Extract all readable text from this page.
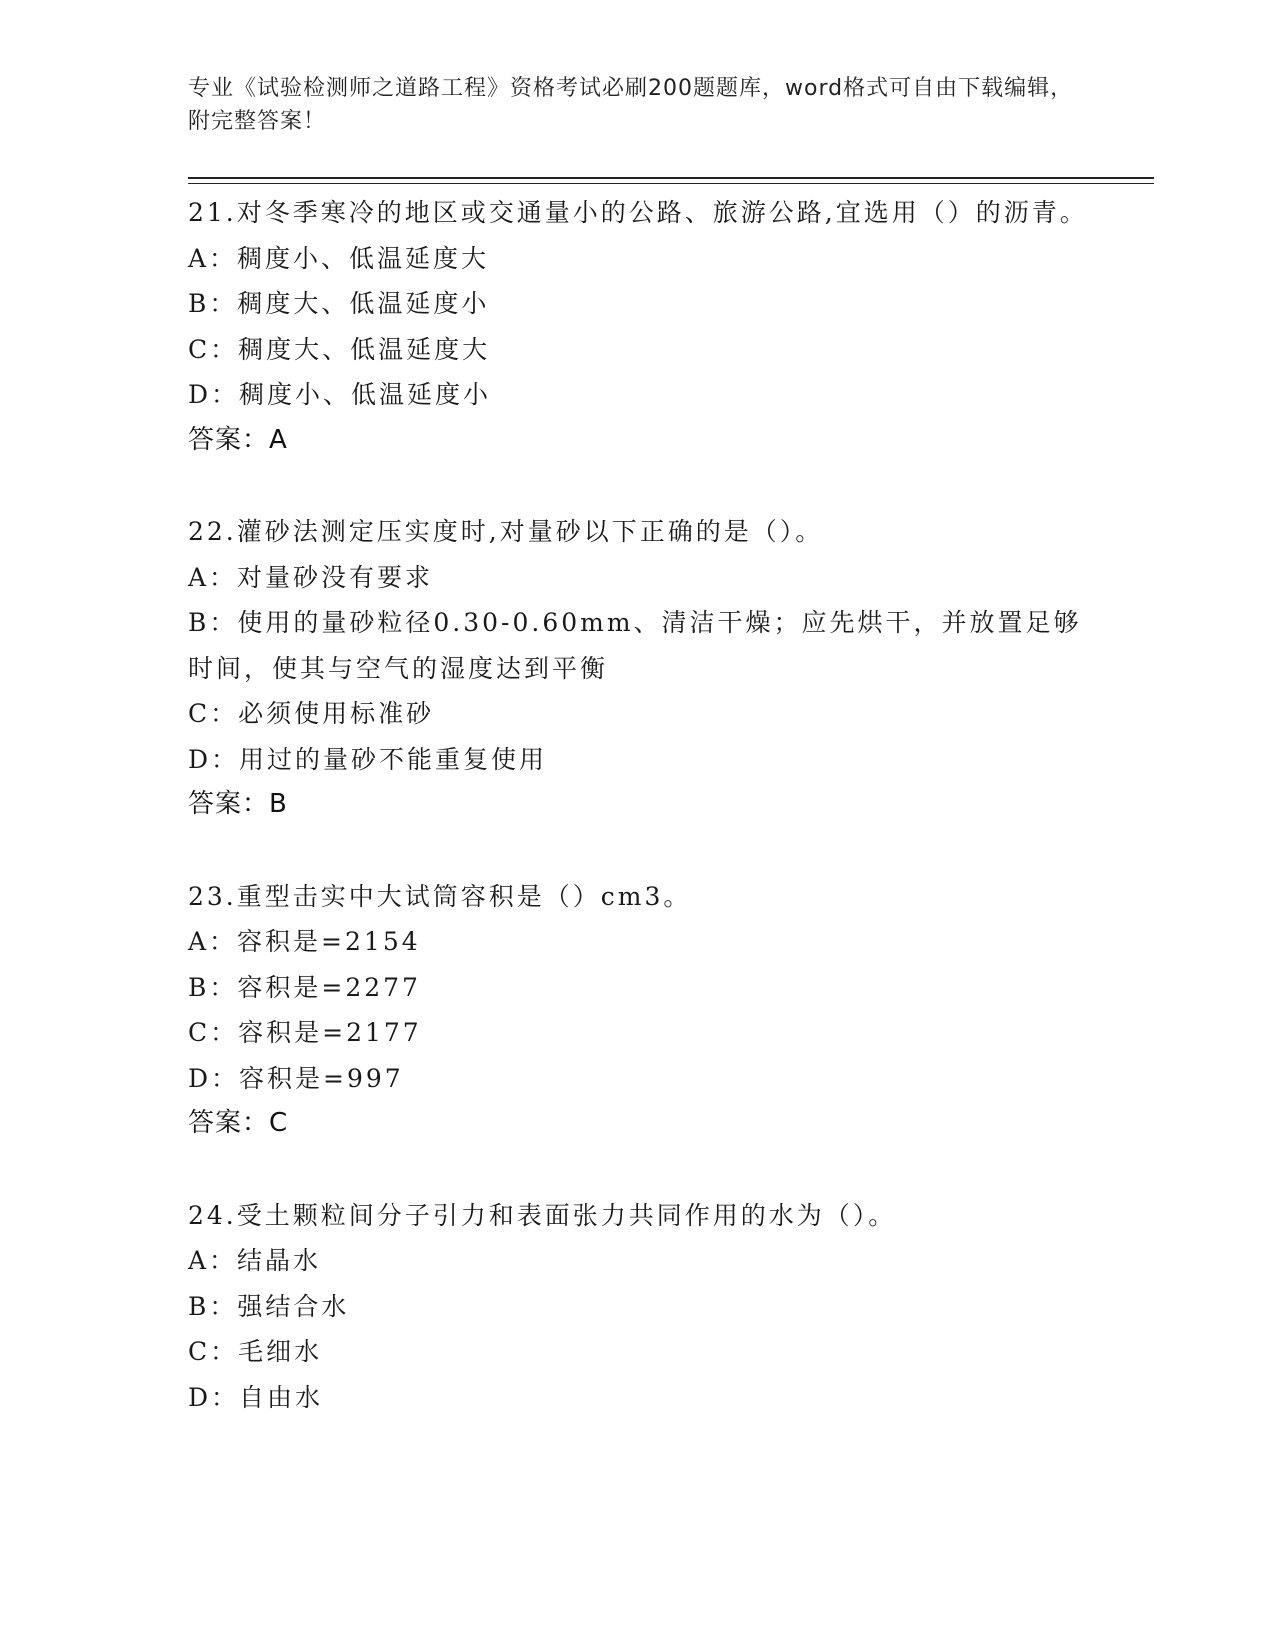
专业《试验检测师之道路工程》资格考试必刷200题题库，word格式可自由下载编辑，附完整答案！

21.对冬季寒冷的地区或交通量小的公路、旅游公路,宜选用（）的沥青。

A：稠度小、低温延度大

B：稠度大、低温延度小

C：稠度大、低温延度大

D：稠度小、低温延度小

答案：A

22.灌砂法测定压实度时,对量砂以下正确的是（）。

A：对量砂没有要求

B：使用的量砂粒径0.30-0.60mm、清洁干燥；应先烘干，并放置足够时间，使其与空气的湿度达到平衡

C：必须使用标准砂

D：用过的量砂不能重复使用

答案：B

23.重型击实中大试筒容积是（）cm3。

A：容积是=2154

B：容积是=2277

C：容积是=2177

D：容积是=997

答案：C

24.受土颗粒间分子引力和表面张力共同作用的水为（）。

A：结晶水

B：强结合水

C：毛细水

D：自由水
